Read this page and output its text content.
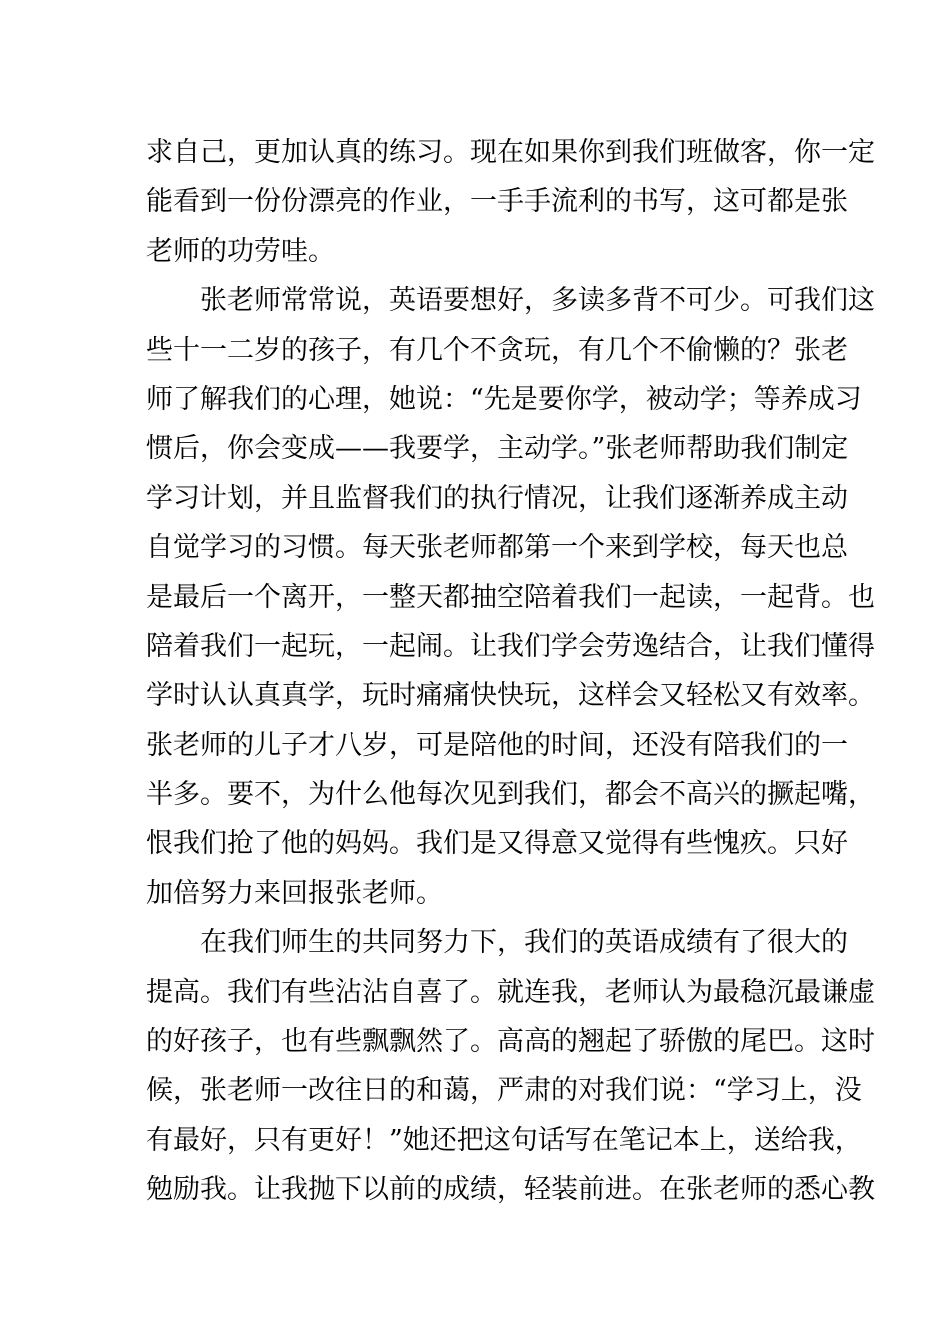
求自己，更加认真的练习。现在如果你到我们班做客，你一定
能看到一份份漂亮的作业，一手手流利的书写，这可都是张
老师的功劳哇。
张老师常常说，英语要想好，多读多背不可少。可我们这
些十一二岁的孩子，有几个不贪玩，有几个不偷懒的？张老
师了解我们的心理，她说：“先是要你学，被动学；等养成习
惯后，你会变成——我要学，主动学。”张老师帮助我们制定
学习计划，并且监督我们的执行情况，让我们逐渐养成主动
自觉学习的习惯。每天张老师都第一个来到学校，每天也总
是最后一个离开，一整天都抽空陪着我们一起读，一起背。也
陪着我们一起玩，一起闹。让我们学会劳逸结合，让我们懂得
学时认认真真学，玩时痛痛快快玩，这样会又轻松又有效率。
张老师的儿子才八岁，可是陪他的时间，还没有陪我们的一
半多。要不，为什么他每次见到我们，都会不高兴的撅起嘴，
恨我们抢了他的妈妈。我们是又得意又觉得有些愧疚。只好
加倍努力来回报张老师。
在我们师生的共同努力下，我们的英语成绩有了很大的
提高。我们有些沾沾自喜了。就连我，老师认为最稳沉最谦虚
的好孩子，也有些飘飘然了。高高的翘起了骄傲的尾巴。这时
候，张老师一改往日的和蔼，严肃的对我们说：“学习上，没
有最好，只有更好！”她还把这句话写在笔记本上，送给我，
勉励我。让我抛下以前的成绩，轻装前进。在张老师的悉心教
